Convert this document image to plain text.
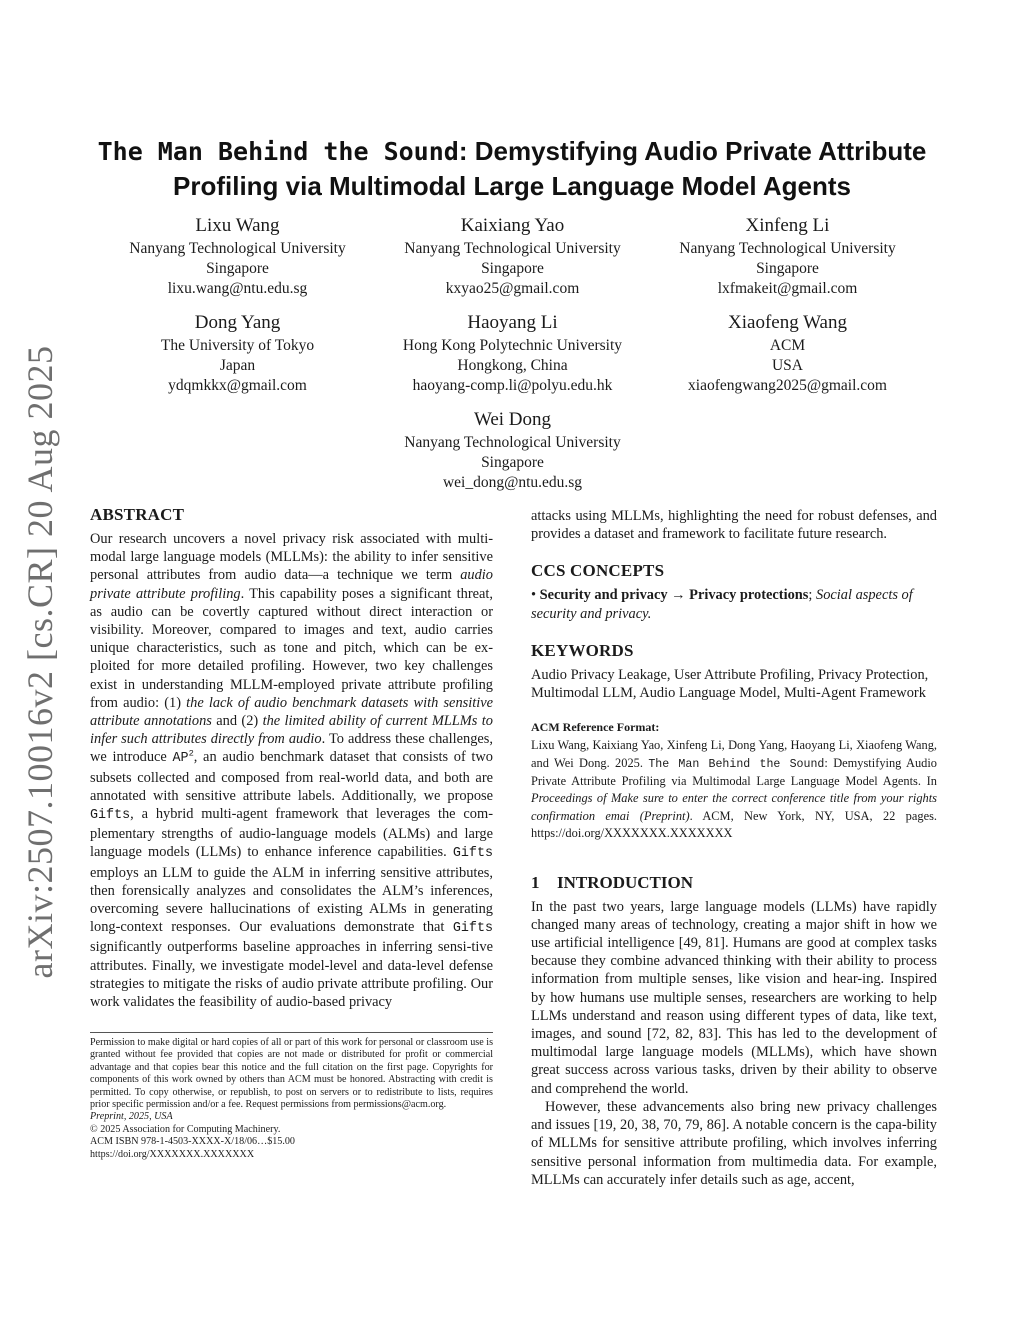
arXiv:2507.10016v2 [cs.CR] 20 Aug 2025
The Man Behind the Sound: Demystifying Audio Private Attribute
Profiling via Multimodal Large Language Model Agents
Lixu Wang
Nanyang Technological University
Singapore
lixu.wang@ntu.edu.sg
Kaixiang Yao
Nanyang Technological University
Singapore
kxyao25@gmail.com
Xinfeng Li
Nanyang Technological University
Singapore
lxfmakeit@gmail.com
Dong Yang
The University of Tokyo
Japan
ydqmkkx@gmail.com
Haoyang Li
Hong Kong Polytechnic University
Hongkong, China
haoyang-comp.li@polyu.edu.hk
Xiaofeng Wang
ACM
USA
xiaofengwang2025@gmail.com
Wei Dong
Nanyang Technological University
Singapore
wei_dong@ntu.edu.sg
ABSTRACT

Our research uncovers a novel privacy risk associated with multi-modal large language models (MLLMs): the ability to infer sensitive personal attributes from audio data—a technique we term audio private attribute profiling. This capability poses a significant threat, as audio can be covertly captured without direct interaction or visibility. Moreover, compared to images and text, audio carries unique characteristics, such as tone and pitch, which can be ex-ploited for more detailed profiling. However, two key challenges exist in understanding MLLM-employed private attribute profiling from audio: (1) the lack of audio benchmark datasets with sensitive attribute annotations and (2) the limited ability of current MLLMs to infer such attributes directly from audio. To address these challenges, we introduce $AP^2$, an audio benchmark dataset that consists of two subsets collected and composed from real-world data, and both are annotated with sensitive attribute labels. Additionally, we propose Gifts, a hybrid multi-agent framework that leverages the com-plementary strengths of audio-language models (ALMs) and large language models (LLMs) to enhance inference capabilities. Gifts employs an LLM to guide the ALM in inferring sensitive attributes, then forensically analyzes and consolidates the ALM’s inferences, overcoming severe hallucinations of existing ALMs in generating long-context responses. Our evaluations demonstrate that Gifts significantly outperforms baseline approaches in inferring sensi-tive attributes. Finally, we investigate model-level and data-level defense strategies to mitigate the risks of audio private attribute profiling. Our work validates the feasibility of audio-based privacy

Permission to make digital or hard copies of all or part of this work for personal or classroom use is granted without fee provided that copies are not made or distributed for profit or commercial advantage and that copies bear this notice and the full citation on the first page. Copyrights for components of this work owned by others than ACM must be honored. Abstracting with credit is permitted. To copy otherwise, or republish, to post on servers or to redistribute to lists, requires prior specific permission and/or a fee. Request permissions from permissions@acm.org.

Preprint, 2025, USA

© 2025 Association for Computing Machinery.

ACM ISBN 978-1-4503-XXXX-X/18/06…$15.00

https://doi.org/XXXXXXX.XXXXXXX

attacks using MLLMs, highlighting the need for robust defenses, and provides a dataset and framework to facilitate future research.

CCS CONCEPTS

• Security and privacy → Privacy protections; Social aspects of security and privacy.

KEYWORDS

Audio Privacy Leakage, User Attribute Profiling, Privacy Protection, Multimodal LLM, Audio Language Model, Multi-Agent Framework

ACM Reference Format:

Lixu Wang, Kaixiang Yao, Xinfeng Li, Dong Yang, Haoyang Li, Xiaofeng Wang, and Wei Dong. 2025. The Man Behind the Sound: Demystifying Audio Private Attribute Profiling via Multimodal Large Language Model Agents. In Proceedings of Make sure to enter the correct conference title from your rights confirmation emai (Preprint). ACM, New York, NY, USA, 22 pages. https://doi.org/XXXXXXX.XXXXXXX

1 INTRODUCTION

In the past two years, large language models (LLMs) have rapidly changed many areas of technology, creating a major shift in how we use artificial intelligence [49, 81]. Humans are good at complex tasks because they combine advanced thinking with their ability to process information from multiple senses, like vision and hear-ing. Inspired by how humans use multiple senses, researchers are working to help LLMs understand and reason using different types of data, like text, images, and sound [72, 82, 83]. This has led to the development of multimodal large language models (MLLMs), which have shown great success across various tasks, driven by their ability to observe and comprehend the world.

However, these advancements also bring new privacy challenges and issues [19, 20, 38, 70, 79, 86]. A notable concern is the capa-bility of MLLMs for sensitive attribute profiling, which involves inferring sensitive personal information from multimedia data. For example, MLLMs can accurately infer details such as age, accent,
